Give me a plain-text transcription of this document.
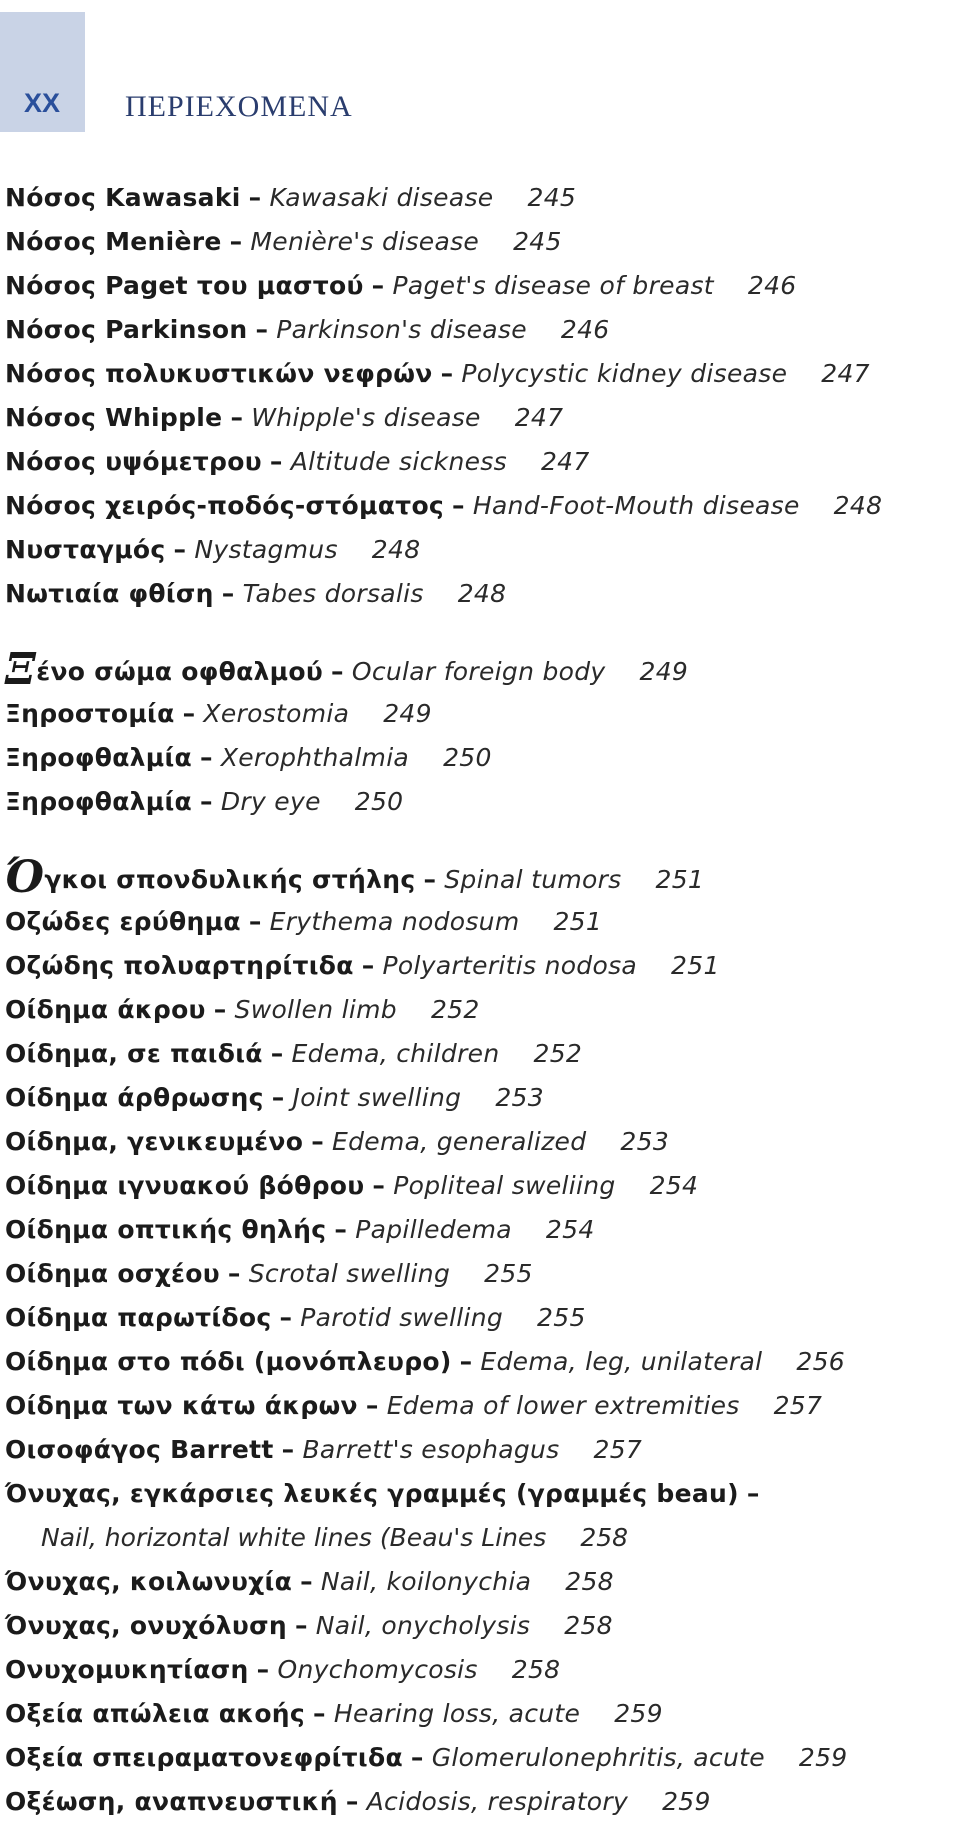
XX ΠΕΡΙΕΧΟΜΕΝΑ
Νόσος Kawasaki – Kawasaki disease 245
Νόσος Menière – Menière's disease 245
Νόσος Paget του μαστού – Paget's disease of breast 246
Νόσος Parkinson – Parkinson's disease 246
Νόσος πολυκυστικών νεφρών – Polycystic kidney disease 247
Νόσος Whipple – Whipple's disease 247
Νόσος υψόμετρου – Altitude sickness 247
Νόσος χειρός-ποδός-στόματος – Hand-Foot-Mouth disease 248
Νυσταγμός – Nystagmus 248
Νωτιαία φθίση – Tabes dorsalis 248
Ξένο σώμα οφθαλμού – Ocular foreign body 249
Ξηροστομία – Xerostomia 249
Ξηροφθαλμία – Xerophthalmia 250
Ξηροφθαλμία – Dry eye 250
Όγκοι σπονδυλικής στήλης – Spinal tumors 251
Οζώδες ερύθημα – Erythema nodosum 251
Οζώδης πολυαρτηρίτιδα – Polyarteritis nodosa 251
Οίδημα άκρου – Swollen limb 252
Οίδημα, σε παιδιά – Edema, children 252
Οίδημα άρθρωσης – Joint swelling 253
Οίδημα, γενικευμένο – Edema, generalized 253
Οίδημα ιγνυακού βόθρου – Popliteal sweliing 254
Οίδημα οπτικής θηλής – Papilledema 254
Οίδημα οσχέου – Scrotal swelling 255
Οίδημα παρωτίδος – Parotid swelling 255
Οίδημα στο πόδι (μονόπλευρο) – Edema, leg, unilateral 256
Οίδημα των κάτω άκρων – Edema of lower extremities 257
Οισοφάγος Barrett – Barrett's esophagus 257
Όνυχας, εγκάρσιες λευκές γραμμές (γραμμές beau) –
Nail, horizontal white lines (Beau's Lines 258
Όνυχας, κοιλωνυχία – Nail, koilonychia 258
Όνυχας, ονυχόλυση – Nail, onycholysis 258
Ονυχομυκητίαση – Onychomycosis 258
Οξεία απώλεια ακοής – Hearing loss, acute 259
Οξεία σπειραματονεφρίτιδα – Glomerulonephritis, acute 259
Οξέωση, αναπνευστική – Acidosis, respiratory 259
